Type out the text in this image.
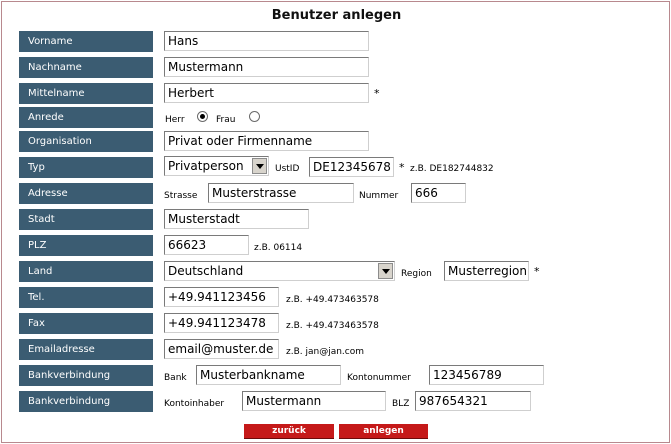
Benutzer anlegen
Vorname	Hans
Nachname	Mustermann
Mittelname	Herbert	*
Anrede	Herr	Frau
Organisation	Privat oder Firmenname
Typ	Privatperson	UstID	DE12345678 * z.B. DE182744832
Adresse	Strasse	Musterstrasse	Nummer	666
Stadt	Musterstadt
PLZ	66623	z.B. 06114
Land	Deutschland	Region	Musterregion *
Tel.	+49.941123456	z.B. +49.473463578
Fax	+49.941123478	z.B. +49.473463578
Emailadresse	email@muster.de	z.B. jan@jan.com
Bankverbindung	Bank	Musterbankname	Kontonummer	123456789
Bankverbindung	Kontoinhaber	Mustermann	BLZ 987654321
zurück	anlegen
